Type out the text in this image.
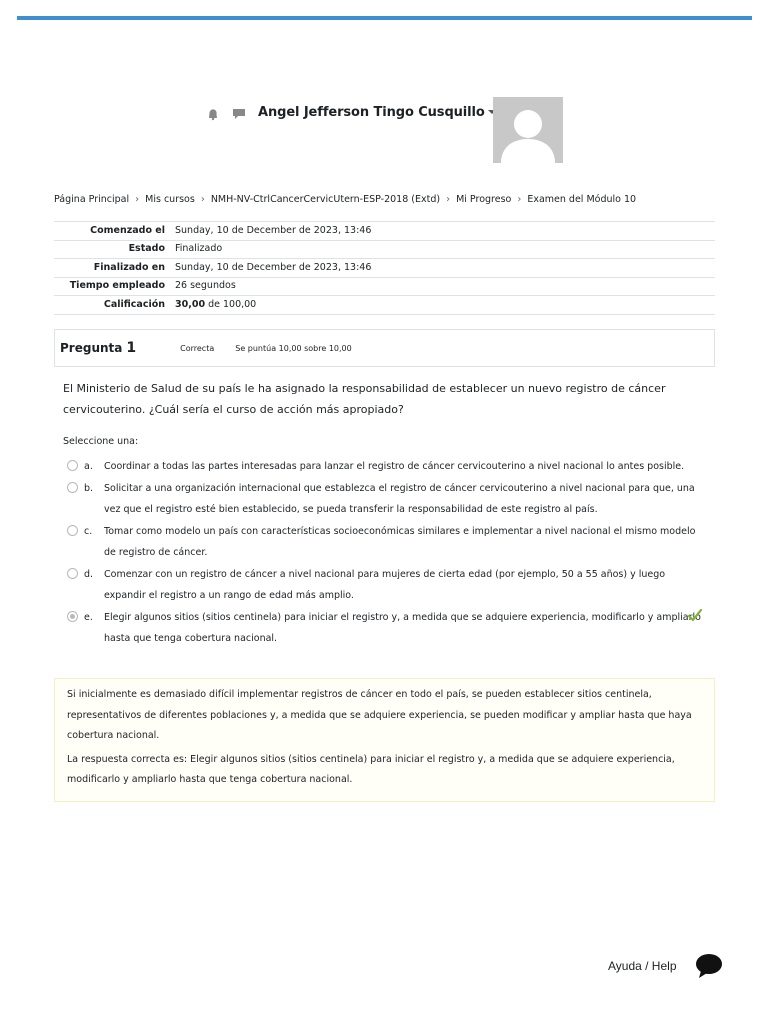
Angel Jefferson Tingo Cusquillo
Página Principal › Mis cursos › NMH-NV-CtrlCancerCervicUtern-ESP-2018 (Extd) › Mi Progreso › Examen del Módulo 10
Comenzado el	Sunday, 10 de December de 2023, 13:46
Estado	Finalizado
Finalizado en	Sunday, 10 de December de 2023, 13:46
Tiempo empleado	26 segundos
Calificación	30,00 de 100,00
Pregunta 1	Correcta	Se puntúa 10,00 sobre 10,00
El Ministerio de Salud de su país le ha asignado la responsabilidad de establecer un nuevo registro de cáncer cervicouterino. ¿Cuál sería el curso de acción más apropiado?
Seleccione una:
a.	Coordinar a todas las partes interesadas para lanzar el registro de cáncer cervicouterino a nivel nacional lo antes posible.
b.	Solicitar a una organización internacional que establezca el registro de cáncer cervicouterino a nivel nacional para que, una vez que el registro esté bien establecido, se pueda transferir la responsabilidad de este registro al país.
c.	Tomar como modelo un país con características socioeconómicas similares e implementar a nivel nacional el mismo modelo de registro de cáncer.
d.	Comenzar con un registro de cáncer a nivel nacional para mujeres de cierta edad (por ejemplo, 50 a 55 años) y luego expandir el registro a un rango de edad más amplio.
e.	Elegir algunos sitios (sitios centinela) para iniciar el registro y, a medida que se adquiere experiencia, modificarlo y ampliarlo hasta que tenga cobertura nacional.

Si inicialmente es demasiado difícil implementar registros de cáncer en todo el país, se pueden establecer sitios centinela, representativos de diferentes poblaciones y, a medida que se adquiere experiencia, se pueden modificar y ampliar hasta que haya cobertura nacional.

La respuesta correcta es: Elegir algunos sitios (sitios centinela) para iniciar el registro y, a medida que se adquiere experiencia, modificarlo y ampliarlo hasta que tenga cobertura nacional.

Ayuda / Help
